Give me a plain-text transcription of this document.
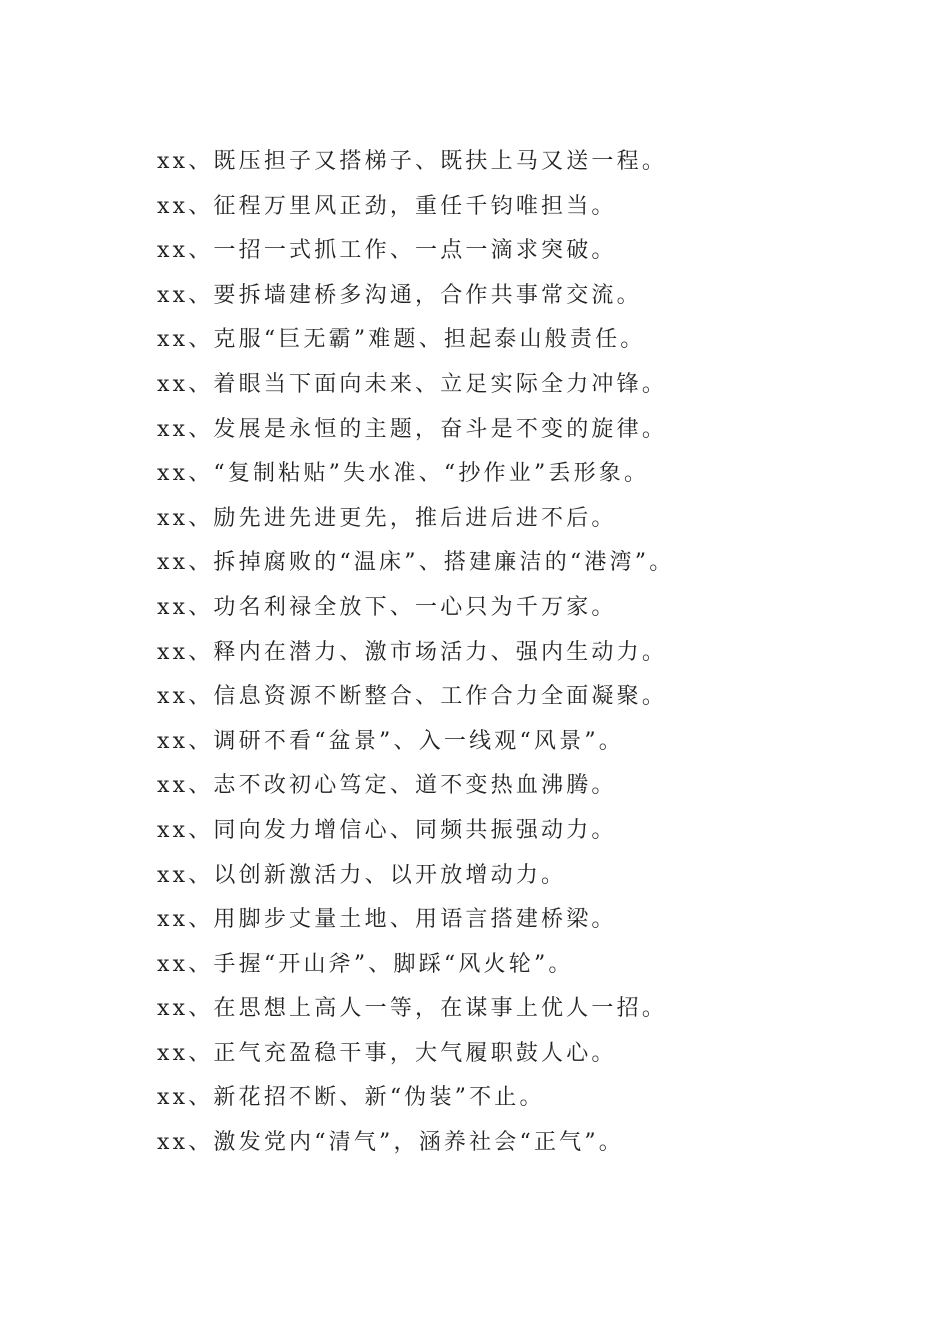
xx、既压担子又搭梯子、既扶上马又送一程。
xx、征程万里风正劲，重任千钧唯担当。
xx、一招一式抓工作、一点一滴求突破。
xx、要拆墙建桥多沟通，合作共事常交流。
xx、克服“巨无霸”难题、担起泰山般责任。
xx、着眼当下面向未来、立足实际全力冲锋。
xx、发展是永恒的主题，奋斗是不变的旋律。
xx、“复制粘贴”失水准、“抄作业”丢形象。
xx、励先进先进更先，推后进后进不后。
xx、拆掉腐败的“温床”、搭建廉洁的“港湾”。
xx、功名利禄全放下、一心只为千万家。
xx、释内在潜力、激市场活力、强内生动力。
xx、信息资源不断整合、工作合力全面凝聚。
xx、调研不看“盆景”、入一线观“风景”。
xx、志不改初心笃定、道不变热血沸腾。
xx、同向发力增信心、同频共振强动力。
xx、以创新激活力、以开放增动力。
xx、用脚步丈量土地、用语言搭建桥梁。
xx、手握“开山斧”、脚踩“风火轮”。
xx、在思想上高人一等，在谋事上优人一招。
xx、正气充盈稳干事，大气履职鼓人心。
xx、新花招不断、新“伪装”不止。
xx、激发党内“清气”，涵养社会“正气”。
